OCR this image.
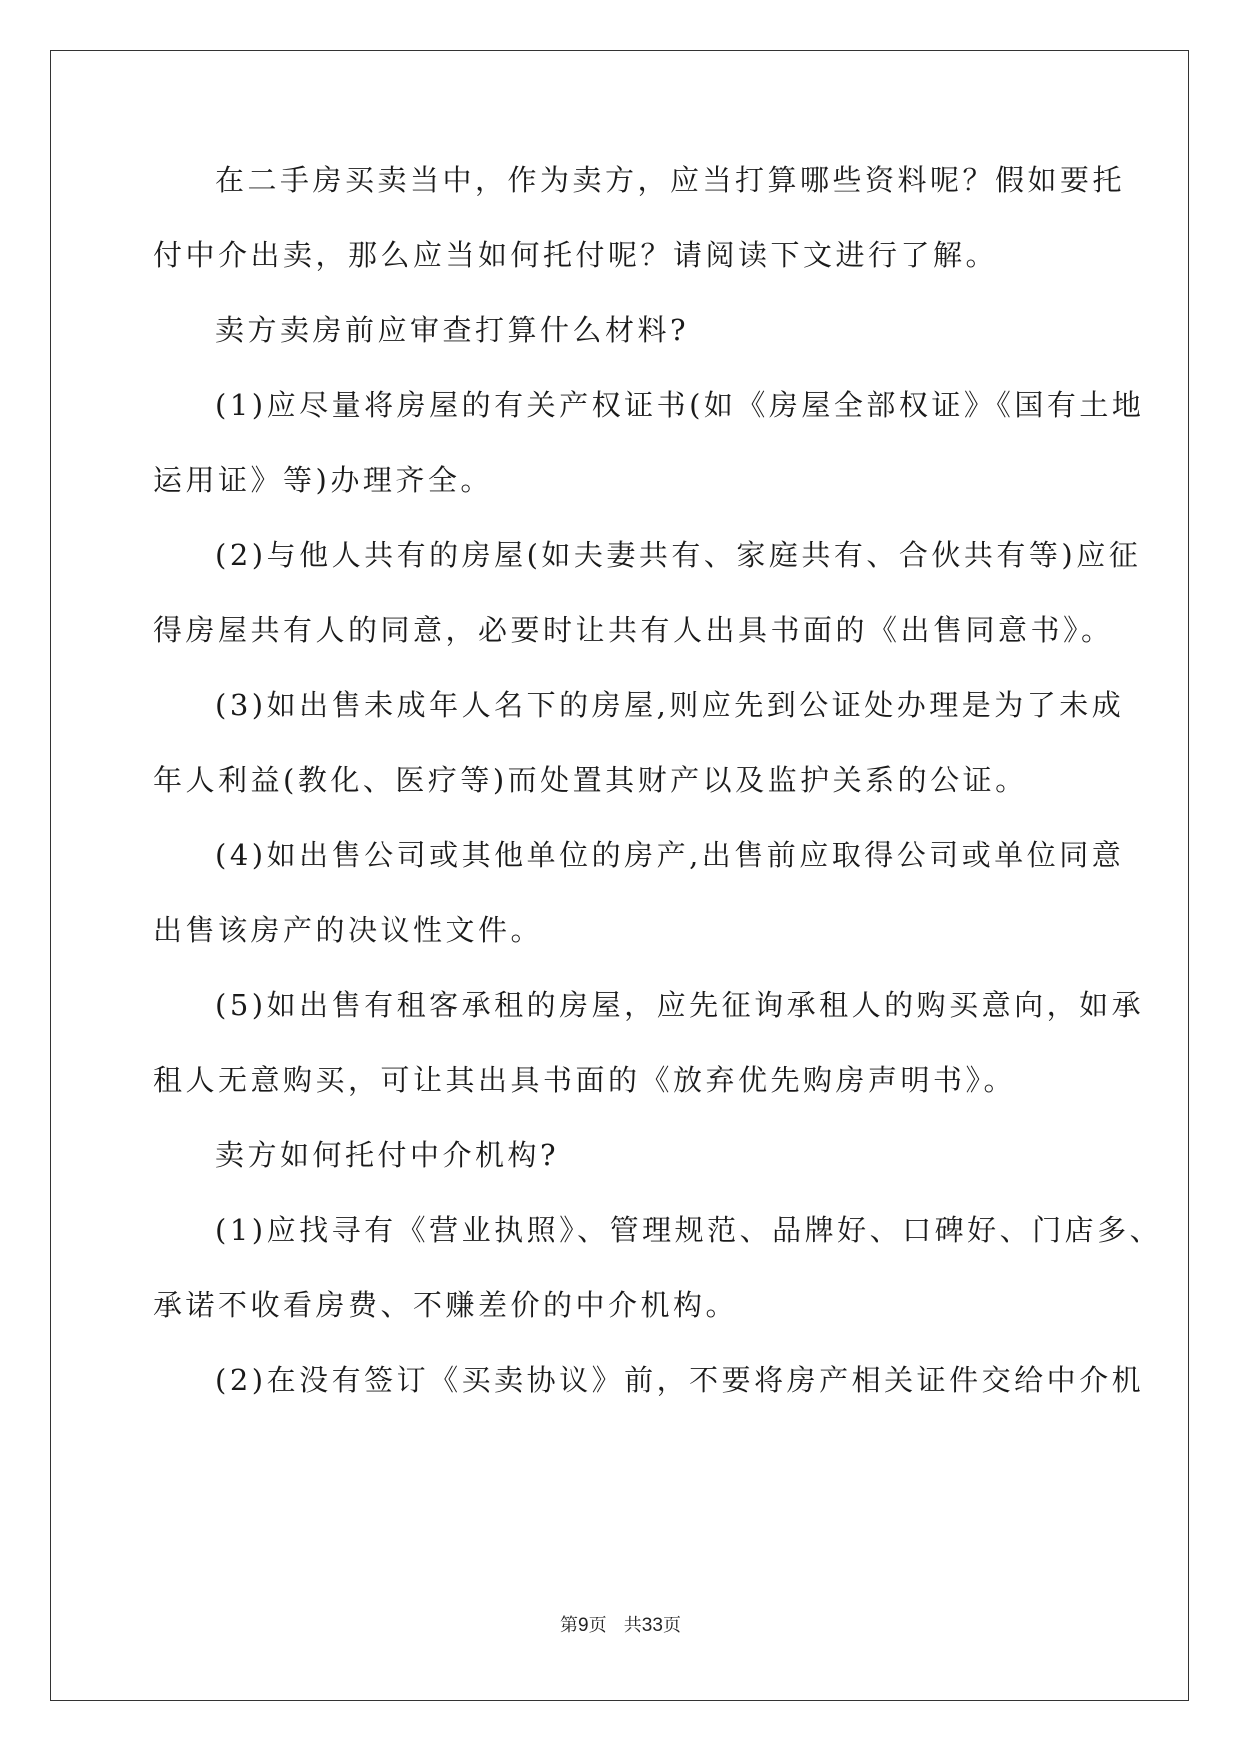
在二手房买卖当中，作为卖方，应当打算哪些资料呢？假如要托
付中介出卖，那么应当如何托付呢？请阅读下文进行了解。
卖方卖房前应审查打算什么材料?
(1)应尽量将房屋的有关产权证书(如《房屋全部权证》《国有土地
运用证》等)办理齐全。
(2)与他人共有的房屋(如夫妻共有、家庭共有、合伙共有等)应征
得房屋共有人的同意，必要时让共有人出具书面的《出售同意书》。
(3)如出售未成年人名下的房屋,则应先到公证处办理是为了未成
年人利益(教化、医疗等)而处置其财产以及监护关系的公证。
(4)如出售公司或其他单位的房产,出售前应取得公司或单位同意
出售该房产的决议性文件。
(5)如出售有租客承租的房屋，应先征询承租人的购买意向，如承
租人无意购买，可让其出具书面的《放弃优先购房声明书》。
卖方如何托付中介机构?
(1)应找寻有《营业执照》、管理规范、品牌好、口碑好、门店多、
承诺不收看房费、不赚差价的中介机构。
(2)在没有签订《买卖协议》前，不要将房产相关证件交给中介机
第9页 共33页
